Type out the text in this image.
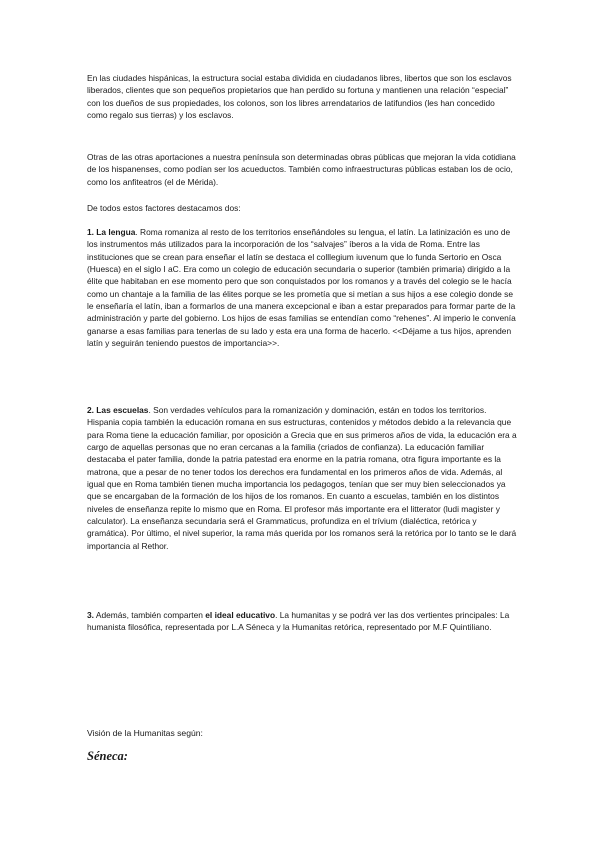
En las ciudades hispánicas, la estructura social estaba dividida en ciudadanos libres, libertos que son los esclavos liberados, clientes que son pequeños propietarios que han perdido su fortuna y mantienen una relación “especial” con los dueños de sus propiedades, los colonos, son los libres arrendatarios de latifundios (les han concedido como regalo sus tierras) y los esclavos.

Otras de las otras aportaciones a nuestra península son determinadas obras públicas que mejoran la vida cotidiana de los hispanenses, como podían ser los acueductos. También como infraestructuras públicas estaban los de ocio, como los anfiteatros (el de Mérida).

De todos estos factores destacamos dos:

1. La lengua. Roma romaniza al resto de los territorios enseñándoles su lengua, el latín. La latinización es uno de los instrumentos más utilizados para la incorporación de los “salvajes” íberos a la vida de Roma. Entre las instituciones que se crean para enseñar el latín se destaca el colllegium iuvenum que lo funda Sertorio en Osca (Huesca) en el siglo I aC. Era como un colegio de educación secundaria o superior (también primaria) dirigido a la élite que habitaban en ese momento pero que son conquistados por los romanos y a través del colegio se le hacía como un chantaje a la familia de las élites porque se les prometía que si metían a sus hijos a ese colegio donde se le enseñaría el latín, iban a formarlos de una manera excepcional e iban a estar preparados para formar parte de la administración y parte del gobierno. Los hijos de esas familias se entendían como “rehenes”. Al imperio le convenía ganarse a esas familias para tenerlas de su lado y esta era una forma de hacerlo. <<Déjame a tus hijos, aprenden latín y seguirán teniendo puestos de importancia>>.

2. Las escuelas. Son verdades vehículos para la romanización y dominación, están en todos los territorios. Hispania copia también la educación romana en sus estructuras, contenidos y métodos debido a la relevancia que para Roma tiene la educación familiar, por oposición a Grecia que en sus primeros años de vida, la educación era a cargo de aquellas personas que no eran cercanas a la familia (criados de confianza). La educación familiar destacaba el pater familia, donde la patria patestad era enorme en la patria romana, otra figura importante es la matrona, que a pesar de no tener todos los derechos era fundamental en los primeros años de vida. Además, al igual que en Roma también tienen mucha importancia los pedagogos, tenían que ser muy bien seleccionados ya que se encargaban de la formación de los hijos de los romanos. En cuanto a escuelas, también en los distintos niveles de enseñanza repite lo mismo que en Roma. El profesor más importante era el litterator (ludi magister y calculator). La enseñanza secundaria será el Grammaticus, profundiza en el trívium (dialéctica, retórica y gramática). Por último, el nivel superior, la rama más querida por los romanos será la retórica por lo tanto se le dará importancia al Rethor.

3. Además, también comparten el ideal educativo. La humanitas y se podrá ver las dos vertientes principales: La humanista filosófica, representada por L.A Séneca y la Humanitas retórica, representado por M.F Quintiliano.

Visión de la Humanitas según:

Séneca:
